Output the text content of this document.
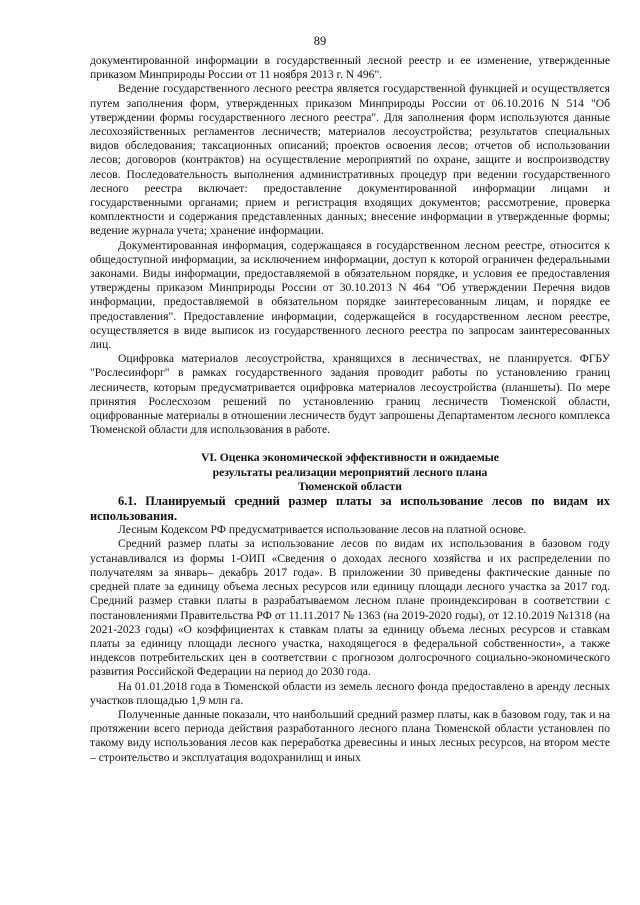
89

документированной информации в государственный лесной реестр и ее изменение, утвержденные приказом Минприроды России от 11 ноября 2013 г. N 496".

Ведение государственного лесного реестра является государственной функцией и осуществляется путем заполнения форм, утвержденных приказом Минприроды России от 06.10.2016 N 514 "Об утверждении формы государственного лесного реестра". Для заполнения форм используются данные лесохозяйственных регламентов лесничеств; материалов лесоустройства; результатов специальных видов обследования; таксационных описаний; проектов освоения лесов; отчетов об использовании лесов; договоров (контрактов) на осуществление мероприятий по охране, защите и воспроизводству лесов. Последовательность выполнения административных процедур при ведении государственного лесного реестра включает: предоставление документированной информации лицами и государственными органами; прием и регистрация входящих документов; рассмотрение, проверка комплектности и содержания представленных данных; внесение информации в утвержденные формы; ведение журнала учета; хранение информации.

Документированная информация, содержащаяся в государственном лесном реестре, относится к общедоступной информации, за исключением информации, доступ к которой ограничен федеральными законами. Виды информации, предоставляемой в обязательном порядке, и условия ее предоставления утверждены приказом Минприроды России от 30.10.2013 N 464 "Об утверждении Перечня видов информации, предоставляемой в обязательном порядке заинтересованным лицам, и порядке ее предоставления". Предоставление информации, содержащейся в государственном лесном реестре, осуществляется в виде выписок из государственного лесного реестра по запросам заинтересованных лиц.

Оцифровка материалов лесоустройства, хранящихся в лесничествах, не планируется. ФГБУ "Рослесинфорг" в рамках государственного задания проводит работы по установлению границ лесничеств, которым предусматривается оцифровка материалов лесоустройства (планшеты). По мере принятия Рослесхозом решений по установлению границ лесничеств Тюменской области, оцифрованные материалы в отношении лесничеств будут запрошены Департаментом лесного комплекса Тюменской области для использования в работе.

VI. Оценка экономической эффективности и ожидаемые
результаты реализации мероприятий лесного плана
Тюменской области

6.1. Планируемый средний размер платы за использование лесов по видам их использования.

Лесным Кодексом РФ предусматривается использование лесов на платной основе.

Средний размер платы за использование лесов по видам их использования в базовом году устанавливался из формы 1-ОИП «Сведения о доходах лесного хозяйства и их распределении по получателям за январь– декабрь 2017 года». В приложении 30 приведены фактические данные по средней плате за единицу объема лесных ресурсов или единицу площади лесного участка за 2017 год. Средний размер ставки платы в разрабатываемом лесном плане проиндексирован в соответствии с постановлениями Правительства РФ от 11.11.2017 № 1363 (на 2019-2020 годы), от 12.10.2019 №1318 (на 2021-2023 годы) «О коэффициентах к ставкам платы за единицу объема лесных ресурсов и ставкам платы за единицу площади лесного участка, находящегося в федеральной собственности», а также индексов потребительских цен в соответствии с прогнозом долгосрочного социально-экономического развития Российской Федерации на период до 2030 года.

На 01.01.2018 года в Тюменской области из земель лесного фонда предоставлено в аренду лесных участков площадью 1,9 млн га.

Полученные данные показали, что наибольший средний размер платы, как в базовом году, так и на протяжении всего периода действия разработанного лесного плана Тюменской области установлен по такому виду использования лесов как переработка древесины и иных лесных ресурсов, на втором месте – строительство и эксплуатация водохранилищ и иных
